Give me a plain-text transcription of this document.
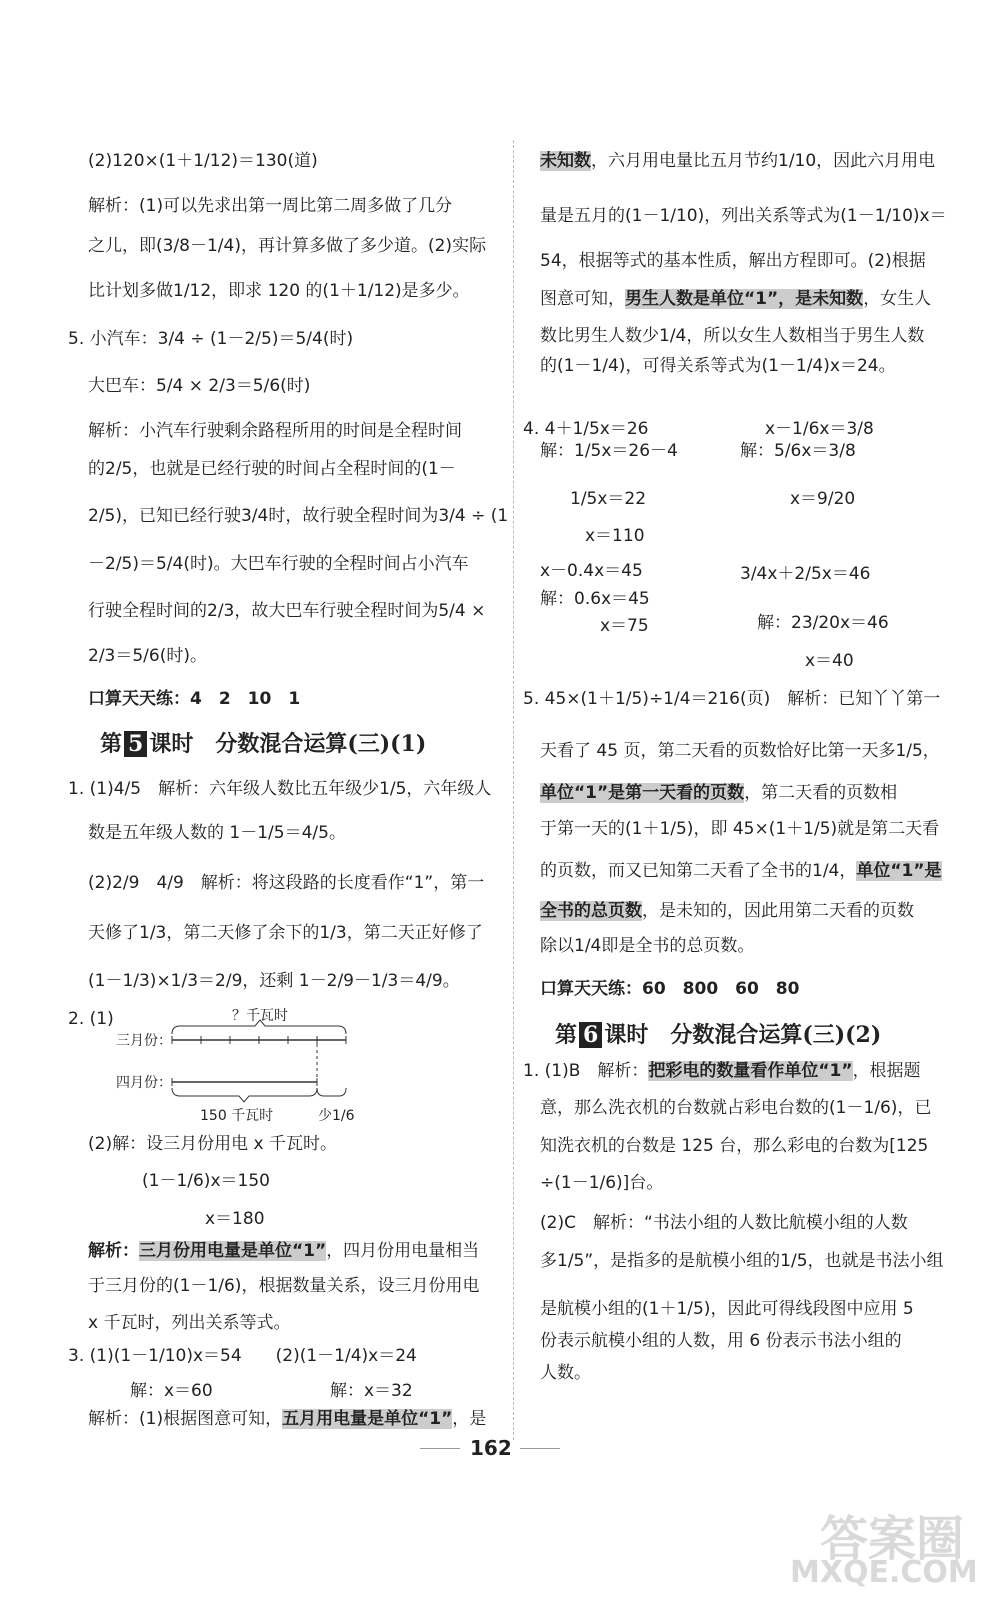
(2)120×(1＋1/12)＝130(道)
解析：(1)可以先求出第一周比第二周多做了几分
之儿，即(3/8－1/4)，再计算多做了多少道。(2)实际
比计划多做1/12，即求 120 的(1＋1/12)是多少。
5. 小汽车：3/4 ÷ (1－2/5)＝5/4(时)
大巴车：5/4 × 2/3＝5/6(时)
解析：小汽车行驶剩余路程所用的时间是全程时间
的2/5，也就是已经行驶的时间占全程时间的(1－
2/5)，已知已经行驶3/4时，故行驶全程时间为3/4 ÷ (1
－2/5)＝5/4(时)。大巴车行驶的全程时间占小汽车
行驶全程时间的2/3，故大巴车行驶全程时间为5/4 ×
2/3＝5/6(时)。
口算天天练：4　2　10　1
第 5 课时　分数混合运算(三)(1)
1. (1)4/5　解析：六年级人数比五年级少1/5，六年级人
数是五年级人数的 1－1/5＝4/5。
(2)2/9　4/9　解析：将这段路的长度看作“1”，第一
天修了1/3，第二天修了余下的1/3，第二天正好修了
(1－1/3)×1/3＝2/9，还剩 1－2/9－1/3＝4/9。
2. (1)	？千瓦时
三月份：
四月份：
150 千瓦时	少1/6
(2)解：设三月份用电 x 千瓦时。
(1－1/6)x＝150
x＝180
解析：三月份用电量是单位“1”，四月份用电量相当
于三月份的(1－1/6)，根据数量关系，设三月份用电
x 千瓦时，列出关系等式。
3. (1)(1－1/10)x＝54　　(2)(1－1/4)x＝24
解：x＝60	解：x＝32
解析：(1)根据图意可知，五月用电量是单位“1”，是
未知数，六月用电量比五月节约1/10，因此六月用电
量是五月的(1－1/10)，列出关系等式为(1－1/10)x＝
54，根据等式的基本性质，解出方程即可。(2)根据
图意可知，男生人数是单位“1”，是未知数，女生人
数比男生人数少1/4，所以女生人数相当于男生人数
的(1－1/4)，可得关系等式为(1－1/4)x＝24。
4. 4＋1/5x＝26
解：1/5x＝26－4
1/5x＝22
x＝110
x－1/6x＝3/8
解：5/6x＝3/8
x＝9/20
x－0.4x＝45
解：0.6x＝45
x＝75
3/4x＋2/5x＝46
解：23/20x＝46
x＝40
5. 45×(1＋1/5)÷1/4＝216(页)　解析：已知丫丫第一
天看了 45 页，第二天看的页数恰好比第一天多1/5，
单位“1”是第一天看的页数，第二天看的页数相
于第一天的(1＋1/5)，即 45×(1＋1/5)就是第二天看
的页数，而又已知第二天看了全书的1/4，单位“1”是
全书的总页数，是未知的，因此用第二天看的页数
除以1/4即是全书的总页数。
口算天天练：60　800　60　80
第 6 课时　分数混合运算(三)(2)
1. (1)B　解析：把彩电的数量看作单位“1”，根据题
意，那么洗衣机的台数就占彩电台数的(1－1/6)，已
知洗衣机的台数是 125 台，那么彩电的台数为[125
÷(1－1/6)]台。
(2)C　解析：“书法小组的人数比航模小组的人数
多1/5”，是指多的是航模小组的1/5，也就是书法小组
是航模小组的(1＋1/5)，因此可得线段图中应用 5
份表示航模小组的人数，用 6 份表示书法小组的
人数。
162
答案圈
MXQE.COM
